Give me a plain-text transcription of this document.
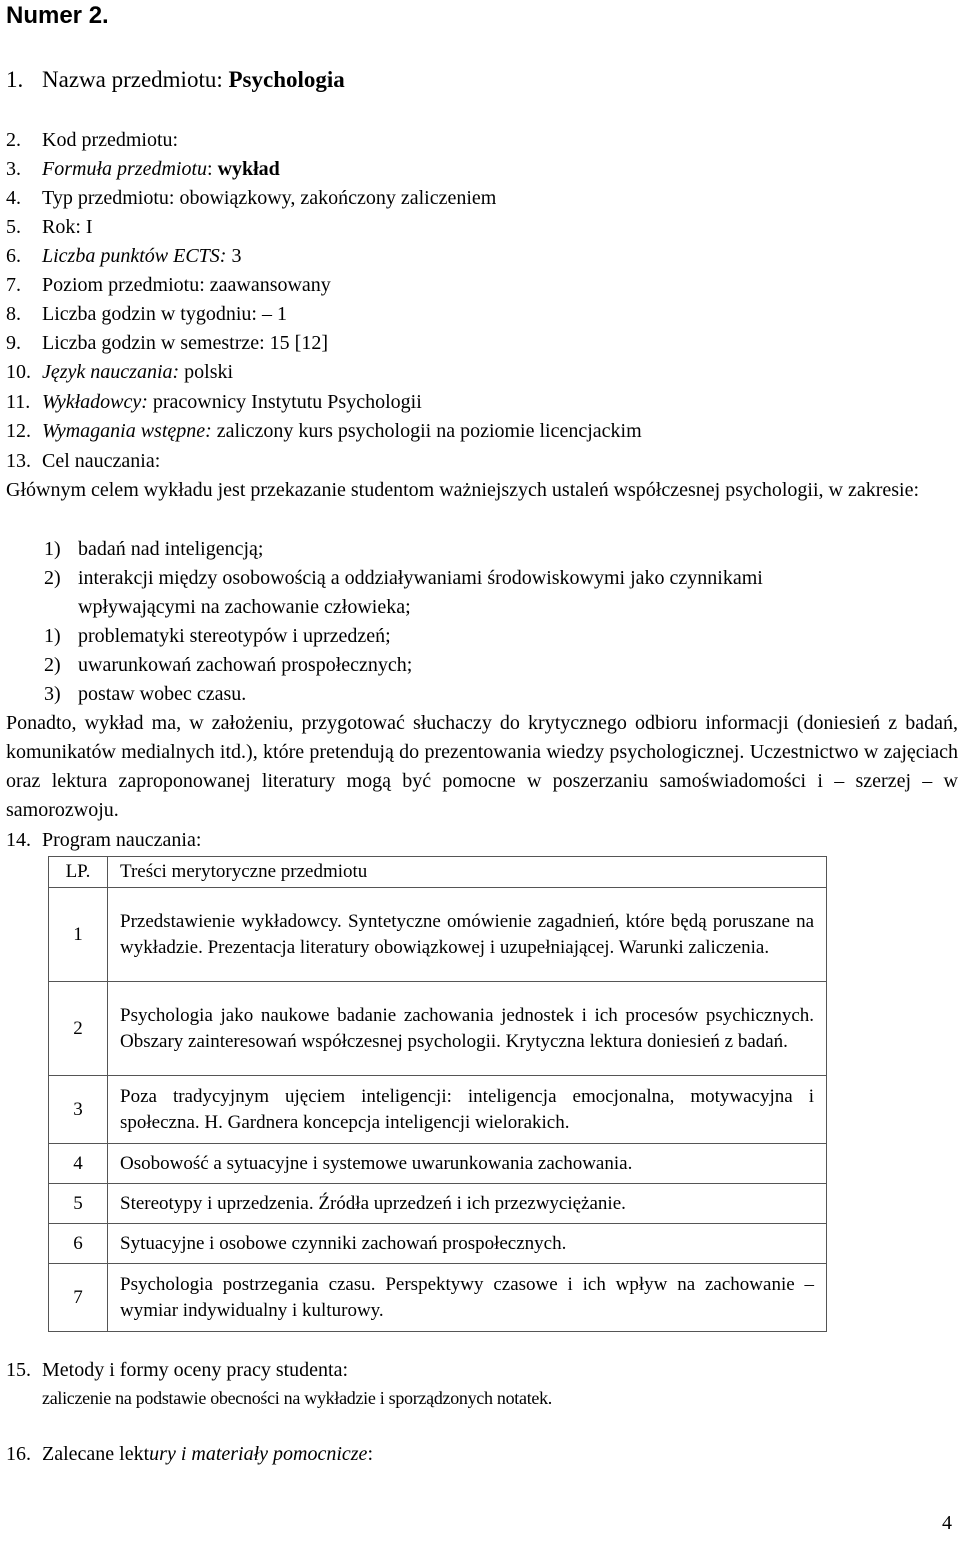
Numer 2.
1. Nazwa przedmiotu: Psychologia
2. Kod przedmiotu:
3. Formuła przedmiotu: wykład
4. Typ przedmiotu: obowiązkowy, zakończony zaliczeniem
5. Rok: I
6. Liczba punktów ECTS: 3
7. Poziom przedmiotu: zaawansowany
8. Liczba godzin w tygodniu: – 1
9. Liczba godzin w semestrze: 15 [12]
10. Język nauczania: polski
11. Wykładowcy: pracownicy Instytutu Psychologii
12. Wymagania wstępne: zaliczony kurs psychologii na poziomie licencjackim
13. Cel nauczania:
Głównym celem wykładu jest przekazanie studentom ważniejszych ustaleń współczesnej psychologii, w zakresie:
1) badań nad inteligencją;
2) interakcji między osobowością a oddziaływaniami środowiskowymi jako czynnikami
wpływającymi na zachowanie człowieka;
1) problematyki stereotypów i uprzedzeń;
2) uwarunkowań zachowań prospołecznych;
3) postaw wobec czasu.
Ponadto, wykład ma, w założeniu, przygotować słuchaczy do krytycznego odbioru informacji (doniesień z badań, komunikatów medialnych itd.), które pretendują do prezentowania wiedzy psychologicznej. Uczestnictwo w zajęciach oraz lektura zaproponowanej literatury mogą być pomocne w poszerzaniu samoświadomości i – szerzej – w samorozwoju.
14. Program nauczania:
LP.	Treści merytoryczne przedmiotu
1	Przedstawienie wykładowcy. Syntetyczne omówienie zagadnień, które będą poruszane na wykładzie. Prezentacja literatury obowiązkowej i uzupełniającej. Warunki zaliczenia.
2	Psychologia jako naukowe badanie zachowania jednostek i ich procesów psychicznych. Obszary zainteresowań współczesnej psychologii. Krytyczna lektura doniesień z badań.
3	Poza tradycyjnym ujęciem inteligencji: inteligencja emocjonalna, motywacyjna i społeczna. H. Gardnera koncepcja inteligencji wielorakich.
4	Osobowość a sytuacyjne i systemowe uwarunkowania zachowania.
5	Stereotypy i uprzedzenia. Źródła uprzedzeń i ich przezwyciężanie.
6	Sytuacyjne i osobowe czynniki zachowań prospołecznych.
7	Psychologia postrzegania czasu. Perspektywy czasowe i ich wpływ na zachowanie – wymiar indywidualny i kulturowy.
15. Metody i formy oceny pracy studenta:
zaliczenie na podstawie obecności na wykładzie i sporządzonych notatek.
16. Zalecane lektury i materiały pomocnicze:
4
